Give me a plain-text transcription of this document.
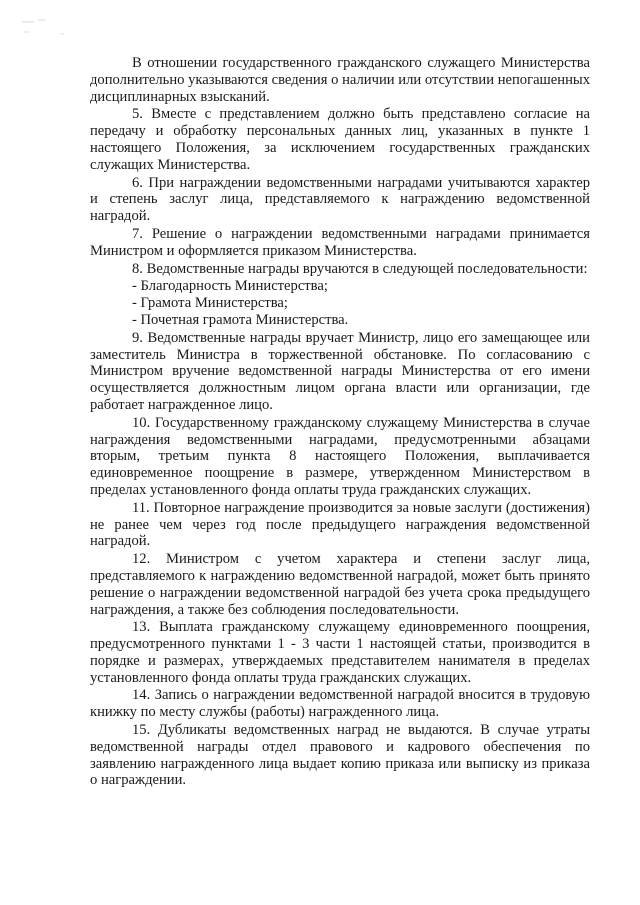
В отношении государственного гражданского служащего Министерства дополнительно указываются сведения о наличии или отсутствии непогашенных дисциплинарных взысканий.

5. Вместе с представлением должно быть представлено согласие на передачу и обработку персональных данных лиц, указанных в пункте 1 настоящего Положения, за исключением государственных гражданских служащих Министерства.

6. При награждении ведомственными наградами учитываются характер и степень заслуг лица, представляемого к награждению ведомственной наградой.

7. Решение о награждении ведомственными наградами принимается Министром и оформляется приказом Министерства.

8. Ведомственные награды вручаются в следующей последовательности:

- Благодарность Министерства;

- Грамота Министерства;

- Почетная грамота Министерства.

9. Ведомственные награды вручает Министр, лицо его замещающее или заместитель Министра в торжественной обстановке. По согласованию с Министром вручение ведомственной награды Министерства от его имени осуществляется должностным лицом органа власти или организации, где работает награжденное лицо.

10. Государственному гражданскому служащему Министерства в случае награждения ведомственными наградами, предусмотренными абзацами вторым, третьим пункта 8 настоящего Положения, выплачивается единовременное поощрение в размере, утвержденном Министерством в пределах установленного фонда оплаты труда гражданских служащих.

11. Повторное награждение производится за новые заслуги (достижения) не ранее чем через год после предыдущего награждения ведомственной наградой.

12. Министром с учетом характера и степени заслуг лица, представляемого к награждению ведомственной наградой, может быть принято решение о награждении ведомственной наградой без учета срока предыдущего награждения, а также без соблюдения последовательности.

13. Выплата гражданскому служащему единовременного поощрения, предусмотренного пунктами 1 - 3 части 1 настоящей статьи, производится в порядке и размерах, утверждаемых представителем нанимателя в пределах установленного фонда оплаты труда гражданских служащих.

14. Запись о награждении ведомственной наградой вносится в трудовую книжку по месту службы (работы) награжденного лица.

15. Дубликаты ведомственных наград не выдаются. В случае утраты ведомственной награды отдел правового и кадрового обеспечения по заявлению награжденного лица выдает копию приказа или выписку из приказа о награждении.
